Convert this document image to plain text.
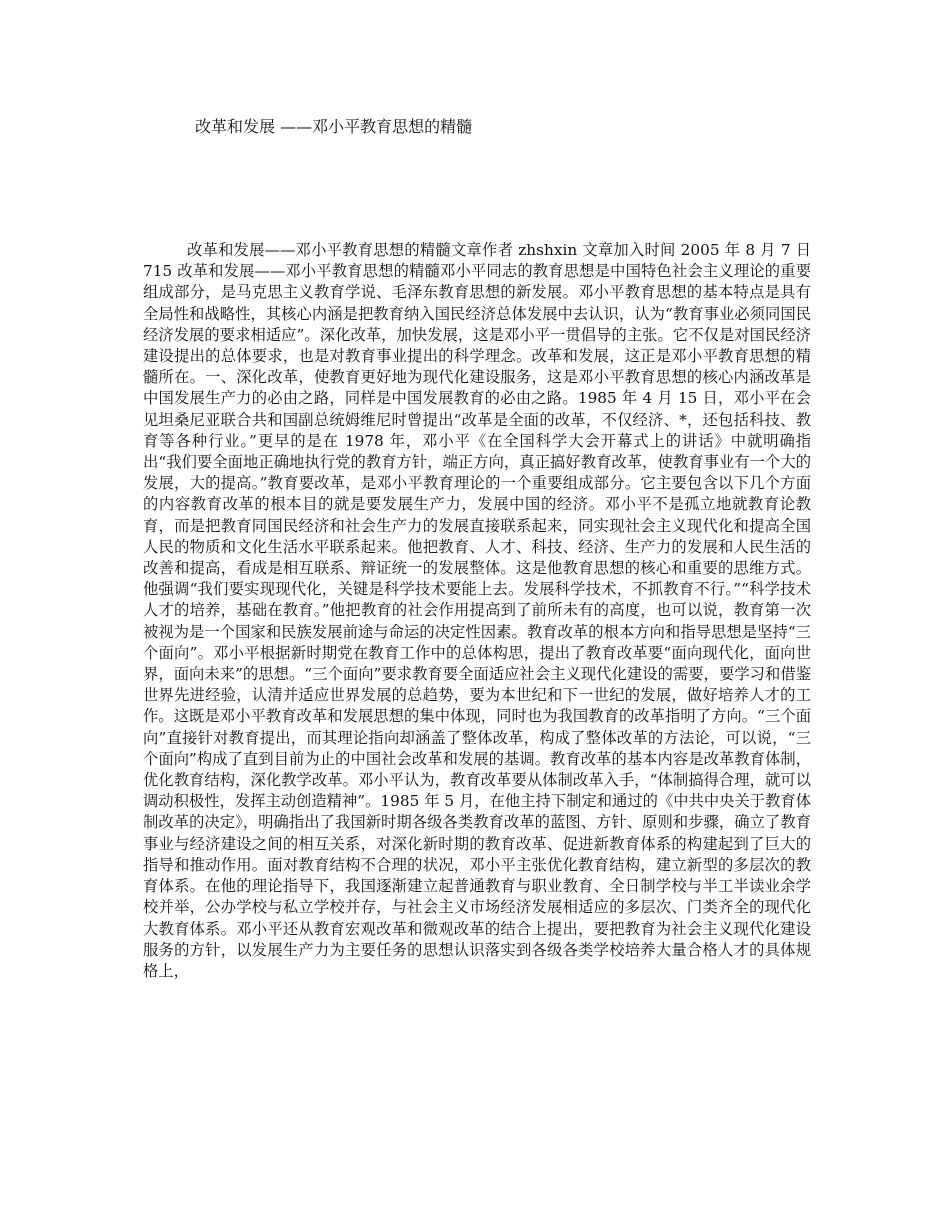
改革和发展 ——邓小平教育思想的精髓

改革和发展——邓小平教育思想的精髓文章作者 zhshxin 文章加入时间 2005 年 8 月 7 日 715 改革和发展——邓小平教育思想的精髓邓小平同志的教育思想是中国特色社会主义理论的重要组成部分，是马克思主义教育学说、毛泽东教育思想的新发展。邓小平教育思想的基本特点是具有全局性和战略性，其核心内涵是把教育纳入国民经济总体发展中去认识，认为“教育事业必须同国民经济发展的要求相适应”。深化改革，加快发展，这是邓小平一贯倡导的主张。它不仅是对国民经济建设提出的总体要求，也是对教育事业提出的科学理念。改革和发展，这正是邓小平教育思想的精髓所在。一、深化改革，使教育更好地为现代化建设服务，这是邓小平教育思想的核心内涵改革是中国发展生产力的必由之路，同样是中国发展教育的必由之路。1985 年 4 月 15 日，邓小平在会见坦桑尼亚联合共和国副总统姆维尼时曾提出“改革是全面的改革，不仅经济、*，还包括科技、教育等各种行业。”更早的是在 1978 年，邓小平《在全国科学大会开幕式上的讲话》中就明确指出“我们要全面地正确地执行党的教育方针，端正方向，真正搞好教育改革，使教育事业有一个大的发展，大的提高。”教育要改革，是邓小平教育理论的一个重要组成部分。它主要包含以下几个方面的内容教育改革的根本目的就是要发展生产力，发展中国的经济。邓小平不是孤立地就教育论教育，而是把教育同国民经济和社会生产力的发展直接联系起来，同实现社会主义现代化和提高全国人民的物质和文化生活水平联系起来。他把教育、人才、科技、经济、生产力的发展和人民生活的改善和提高，看成是相互联系、辩证统一的发展整体。这是他教育思想的核心和重要的思维方式。他强调“我们要实现现代化，关键是科学技术要能上去。发展科学技术，不抓教育不行。”“科学技术人才的培养，基础在教育。”他把教育的社会作用提高到了前所未有的高度，也可以说，教育第一次被视为是一个国家和民族发展前途与命运的决定性因素。教育改革的根本方向和指导思想是坚持“三个面向”。邓小平根据新时期党在教育工作中的总体构思，提出了教育改革要“面向现代化，面向世界，面向未来”的思想。“三个面向”要求教育要全面适应社会主义现代化建设的需要，要学习和借鉴世界先进经验，认清并适应世界发展的总趋势，要为本世纪和下一世纪的发展，做好培养人才的工作。这既是邓小平教育改革和发展思想的集中体现，同时也为我国教育的改革指明了方向。“三个面向”直接针对教育提出，而其理论指向却涵盖了整体改革，构成了整体改革的方法论，可以说，“三个面向”构成了直到目前为止的中国社会改革和发展的基调。教育改革的基本内容是改革教育体制，优化教育结构，深化教学改革。邓小平认为，教育改革要从体制改革入手，“体制搞得合理，就可以调动积极性，发挥主动创造精神”。1985 年 5 月，在他主持下制定和通过的《中共中央关于教育体制改革的决定》，明确指出了我国新时期各级各类教育改革的蓝图、方针、原则和步骤，确立了教育事业与经济建设之间的相互关系，对深化新时期的教育改革、促进新教育体系的构建起到了巨大的指导和推动作用。面对教育结构不合理的状况，邓小平主张优化教育结构，建立新型的多层次的教育体系。在他的理论指导下，我国逐渐建立起普通教育与职业教育、全日制学校与半工半读业余学校并举，公办学校与私立学校并存，与社会主义市场经济发展相适应的多层次、门类齐全的现代化大教育体系。邓小平还从教育宏观改革和微观改革的结合上提出，要把教育为社会主义现代化建设服务的方针，以发展生产力为主要任务的思想认识落实到各级各类学校培养大量合格人才的具体规格上，
